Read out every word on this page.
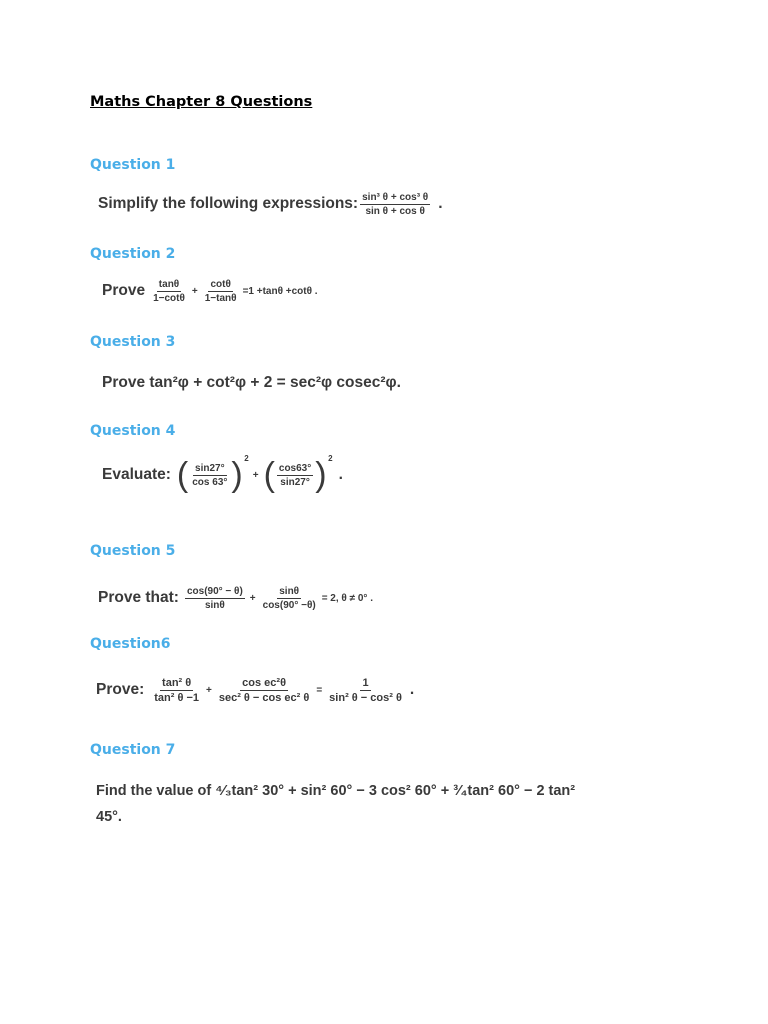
Maths Chapter 8 Questions
Question 1
Simplify the following expressions: $\frac{\text{sin³ θ + cos³ θ}}{\text{sin θ + cos θ}}$ .
Question 2
Prove $\frac{\tan\theta}{1-\cot\theta} + \frac{\cot\theta}{1-\tan\theta} =1 +\tan\theta +\cot\theta$ .
Question 3
Prove tan²φ + cot²φ + 2 = sec²φ cosec²φ.
Question 4
Evaluate: ( $\frac{\sin 27^\circ}{\cos 63^\circ}$ ) 2
+ ( $\frac{\cos 63^\circ}{\sin 27^\circ}$ ) 2
.
Question 5
Prove that: $\frac{\cos(90^\circ - \theta)}{\sin\theta} + \frac{\sin\theta}{\cos(90^\circ -\theta)} = 2$, θ ≠ 0° .
Question6
Prove: $\frac{\text{tan² θ}}{\text{tan² θ −1}} + \frac{\text{cos ec²θ}}{\text{sec² θ − cos ec² θ}} = \frac{1}{\text{sin² θ − cos² θ}}$ .
Question 7
Find the value of ⁴⁄₃tan² 30° + sin² 60° − 3 cos² 60° + ³⁄₄tan² 60° − 2 tan²
45°.
